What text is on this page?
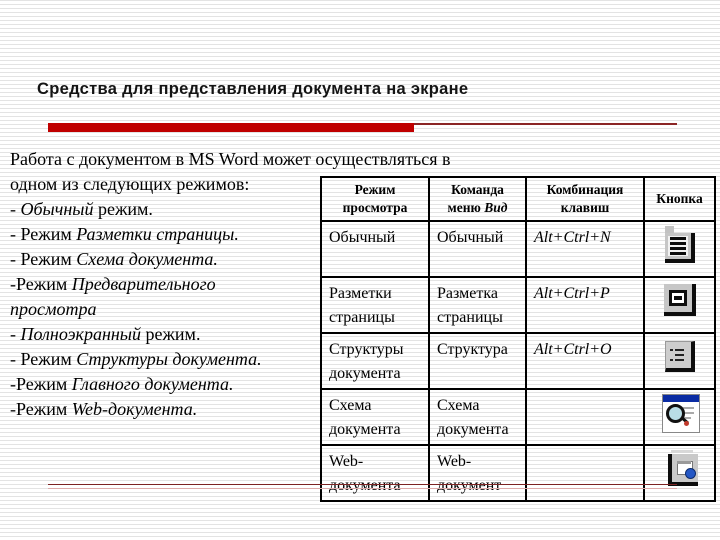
Средства для представления документа на экране
Работа с документом в MS Word может осуществляться в
одном из следующих режимов:
- Обычный режим.
- Режим Разметки страницы.
- Режим Схема документа.
-Режим Предварительного
просмотра
- Полноэкранный режим.
- Режим Структуры документа.
-Режим Главного документа.
-Режим Web-документа.
Режим просмотра	Команда меню Вид	Комбинация клавиш	Кнопка
Обычный	Обычный	Alt+Ctrl+N	

Разметки страницы	Разметка страницы	Alt+Ctrl+P	

Структуры документа	Структура	Alt+Ctrl+O	

Схема документа	Схема документа		

Web-документа	Web-документ		
